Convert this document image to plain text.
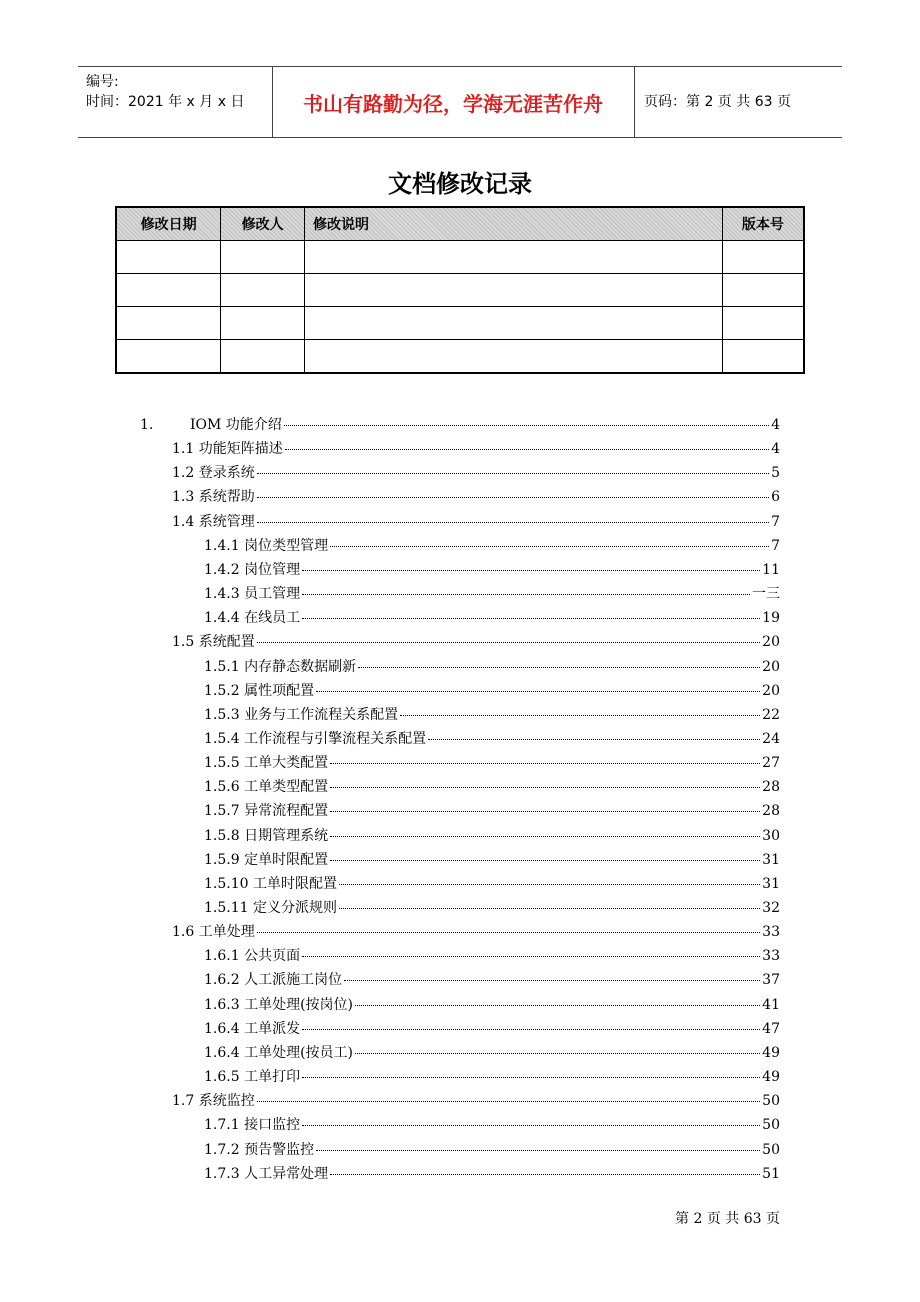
编号:
时间：2021 年 x 月 x 日	书山有路勤为径，学海无涯苦作舟	页码：第 2 页 共 63 页
文档修改记录
修改日期	修改人	修改说明	版本号

1.	IOM 功能介绍	4
1.1 功能矩阵描述	4
1.2 登录系统	5
1.3 系统帮助	6
1.4 系统管理	7
1.4.1 岗位类型管理	7
1.4.2 岗位管理	11
1.4.3 员工管理	一三
1.4.4 在线员工	19
1.5 系统配置	20
1.5.1 内存静态数据刷新	20
1.5.2 属性项配置	20
1.5.3 业务与工作流程关系配置	22
1.5.4 工作流程与引擎流程关系配置	24
1.5.5 工单大类配置	27
1.5.6 工单类型配置	28
1.5.7 异常流程配置	28
1.5.8 日期管理系统	30
1.5.9 定单时限配置	31
1.5.10 工单时限配置	31
1.5.11 定义分派规则	32
1.6 工单处理	33
1.6.1 公共页面	33
1.6.2 人工派施工岗位	37
1.6.3 工单处理(按岗位)	41
1.6.4 工单派发	47
1.6.4 工单处理(按员工)	49
1.6.5 工单打印	49
1.7 系统监控	50
1.7.1 接口监控	50
1.7.2 预告警监控	50
1.7.3 人工异常处理	51
第 2 页 共 63 页
